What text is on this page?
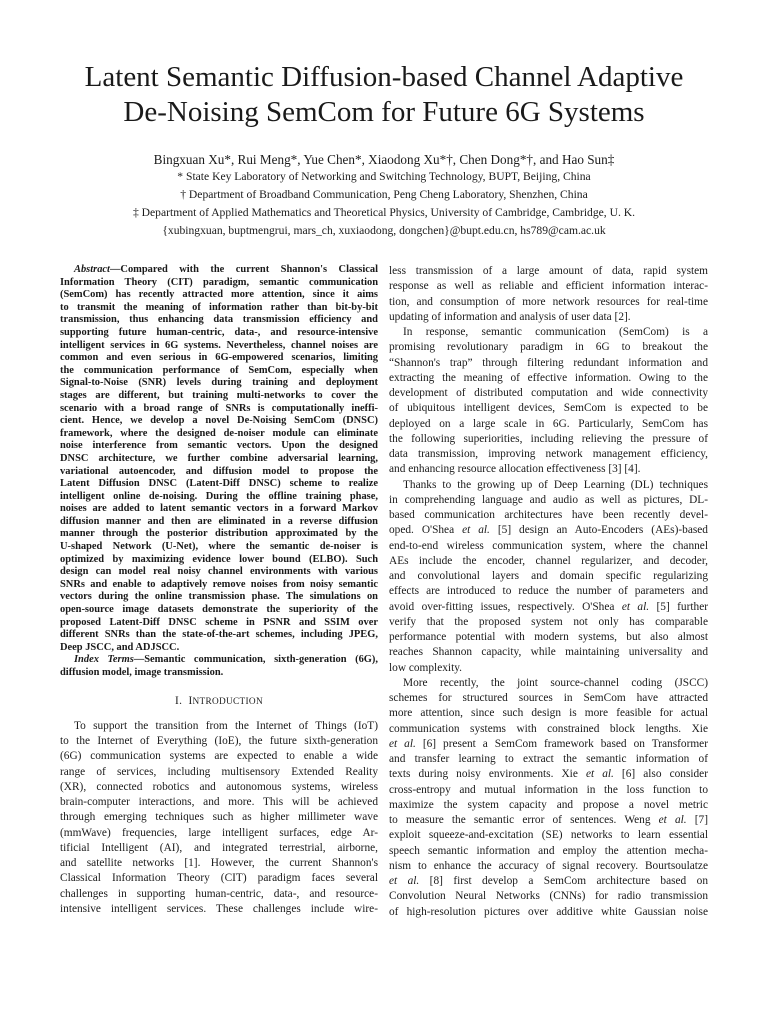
Latent Semantic Diffusion-based Channel Adaptive
De-Noising SemCom for Future 6G Systems
Bingxuan Xu*, Rui Meng*, Yue Chen*, Xiaodong Xu*†, Chen Dong*†, and Hao Sun‡
* State Key Laboratory of Networking and Switching Technology, BUPT, Beijing, China
† Department of Broadband Communication, Peng Cheng Laboratory, Shenzhen, China
‡ Department of Applied Mathematics and Theoretical Physics, University of Cambridge, Cambridge, U. K.
{xubingxuan, buptmengrui, mars_ch, xuxiaodong, dongchen}@bupt.edu.cn, hs789@cam.ac.uk
Abstract—Compared with the current Shannon's Classical
Information Theory (CIT) paradigm, semantic communication
(SemCom) has recently attracted more attention, since it aims
to transmit the meaning of information rather than bit-by-bit
transmission, thus enhancing data transmission efficiency and
supporting future human-centric, data-, and resource-intensive
intelligent services in 6G systems. Nevertheless, channel noises are
common and even serious in 6G-empowered scenarios, limiting
the communication performance of SemCom, especially when
Signal-to-Noise (SNR) levels during training and deployment
stages are different, but training multi-networks to cover the
scenario with a broad range of SNRs is computationally ineffi-
cient. Hence, we develop a novel De-Noising SemCom (DNSC)
framework, where the designed de-noiser module can eliminate
noise interference from semantic vectors. Upon the designed
DNSC architecture, we further combine adversarial learning,
variational autoencoder, and diffusion model to propose the
Latent Diffusion DNSC (Latent-Diff DNSC) scheme to realize
intelligent online de-noising. During the offline training phase,
noises are added to latent semantic vectors in a forward Markov
diffusion manner and then are eliminated in a reverse diffusion
manner through the posterior distribution approximated by the
U-shaped Network (U-Net), where the semantic de-noiser is
optimized by maximizing evidence lower bound (ELBO). Such
design can model real noisy channel environments with various
SNRs and enable to adaptively remove noises from noisy semantic
vectors during the online transmission phase. The simulations on
open-source image datasets demonstrate the superiority of the
proposed Latent-Diff DNSC scheme in PSNR and SSIM over
different SNRs than the state-of-the-art schemes, including JPEG,
Deep JSCC, and ADJSCC.
Index Terms—Semantic communication, sixth-generation (6G),
diffusion model, image transmission.
I. INTRODUCTION
To support the transition from the Internet of Things (IoT)
to the Internet of Everything (IoE), the future sixth-generation
(6G) communication systems are expected to enable a wide
range of services, including multisensory Extended Reality
(XR), connected robotics and autonomous systems, wireless
brain-computer interactions, and more. This will be achieved
through emerging techniques such as higher millimeter wave
(mmWave) frequencies, large intelligent surfaces, edge Ar-
tificial Intelligent (AI), and integrated terrestrial, airborne,
and satellite networks [1]. However, the current Shannon's
Classical Information Theory (CIT) paradigm faces several
challenges in supporting human-centric, data-, and resource-
intensive intelligent services. These challenges include wire-
less transmission of a large amount of data, rapid system
response as well as reliable and efficient information interac-
tion, and consumption of more network resources for real-time
updating of information and analysis of user data [2].
In response, semantic communication (SemCom) is a
promising revolutionary paradigm in 6G to breakout the
“Shannon's trap” through filtering redundant information and
extracting the meaning of effective information. Owing to the
development of distributed computation and wide connectivity
of ubiquitous intelligent devices, SemCom is expected to be
deployed on a large scale in 6G. Particularly, SemCom has
the following superiorities, including relieving the pressure of
data transmission, improving network management efficiency,
and enhancing resource allocation effectiveness [3] [4].
Thanks to the growing up of Deep Learning (DL) techniques
in comprehending language and audio as well as pictures, DL-
based communication architectures have been recently devel-
oped. O'Shea et al. [5] design an Auto-Encoders (AEs)-based
end-to-end wireless communication system, where the channel
AEs include the encoder, channel regularizer, and decoder,
and convolutional layers and domain specific regularizing
effects are introduced to reduce the number of parameters and
avoid over-fitting issues, respectively. O'Shea et al. [5] further
verify that the proposed system not only has comparable
performance potential with modern systems, but also almost
reaches Shannon capacity, while maintaining universality and
low complexity.
More recently, the joint source-channel coding (JSCC)
schemes for structured sources in SemCom have attracted
more attention, since such design is more feasible for actual
communication systems with constrained block lengths. Xie
et al. [6] present a SemCom framework based on Transformer
and transfer learning to extract the semantic information of
texts during noisy environments. Xie et al. [6] also consider
cross-entropy and mutual information in the loss function to
maximize the system capacity and propose a novel metric
to measure the semantic error of sentences. Weng et al. [7]
exploit squeeze-and-excitation (SE) networks to learn essential
speech semantic information and employ the attention mecha-
nism to enhance the accuracy of signal recovery. Bourtsoulatze
et al. [8] first develop a SemCom architecture based on
Convolution Neural Networks (CNNs) for radio transmission
of high-resolution pictures over additive white Gaussian noise
